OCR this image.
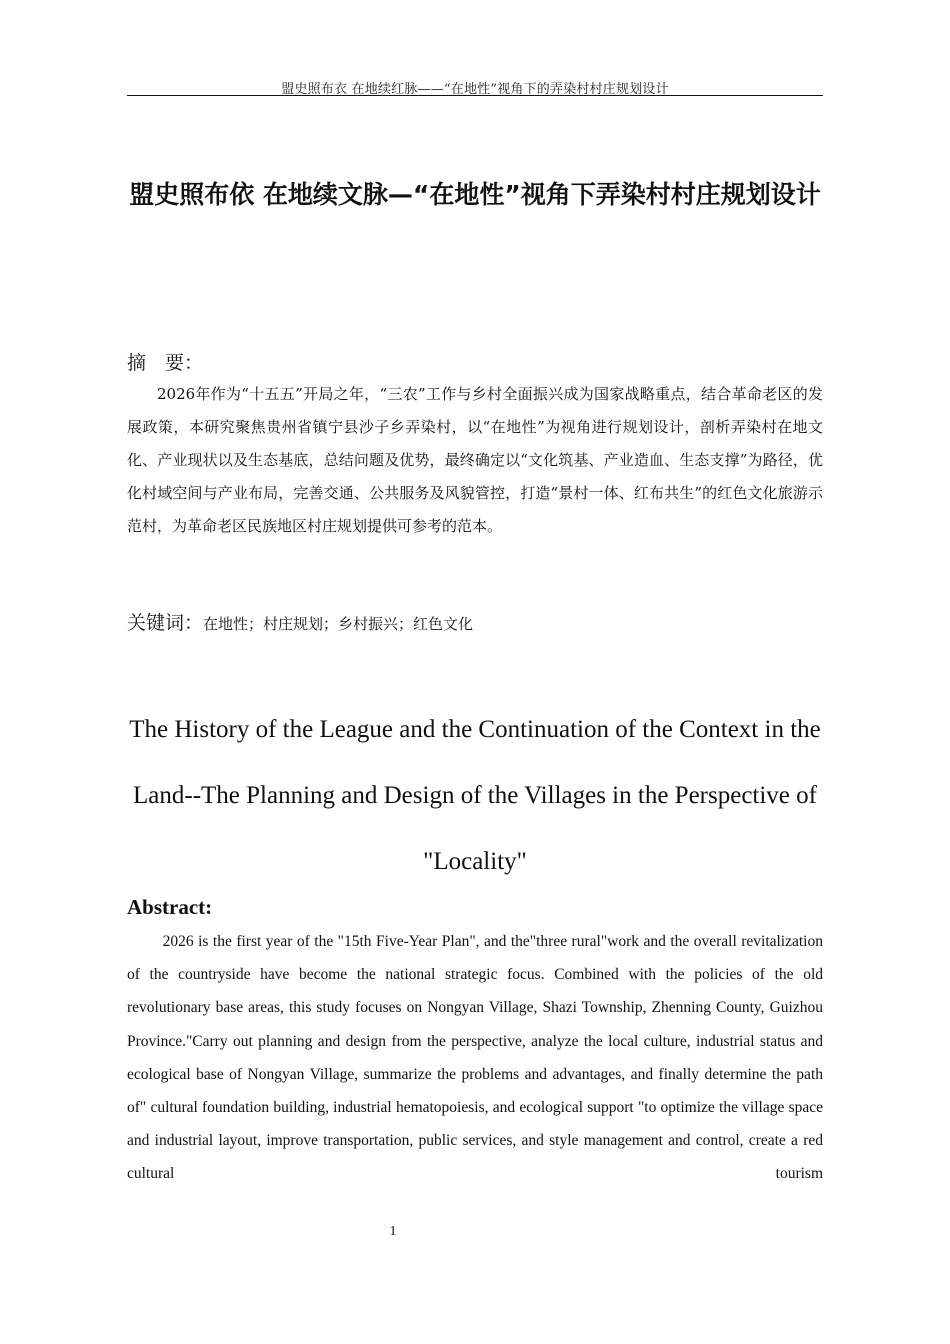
盟史照布衣 在地续红脉——“在地性”视角下的弄染村村庄规划设计
盟史照布依 在地续文脉—“在地性”视角下弄染村村庄规划设计
摘　要：
2026年作为“十五五”开局之年，“三农”工作与乡村全面振兴成为国家战略重点，结合革命老区的发展政策，本研究聚焦贵州省镇宁县沙子乡弄染村，以“在地性”为视角进行规划设计，剖析弄染村在地文化、产业现状以及生态基底，总结问题及优势，最终确定以“文化筑基、产业造血、生态支撑”为路径，优化村域空间与产业布局，完善交通、公共服务及风貌管控，打造“景村一体、红布共生”的红色文化旅游示范村，为革命老区民族地区村庄规划提供可参考的范本。
关键词：在地性；村庄规划；乡村振兴；红色文化
The History of the League and the Continuation of the Context in the Land--The Planning and Design of the Villages in the Perspective of "Locality"
Abstract:
2026 is the first year of the "15th Five-Year Plan", and the"three rural"work and the overall revitalization of the countryside have become the national strategic focus. Combined with the policies of the old revolutionary base areas, this study focuses on Nongyan Village, Shazi Township, Zhenning County, Guizhou Province."Carry out planning and design from the perspective, analyze the local culture, industrial status and ecological base of Nongyan Village, summarize the problems and advantages, and finally determine the path of" cultural foundation building, industrial hematopoiesis, and ecological support "to optimize the village space and industrial layout, improve transportation, public services, and style management and control, create a red cultural tourism
1
